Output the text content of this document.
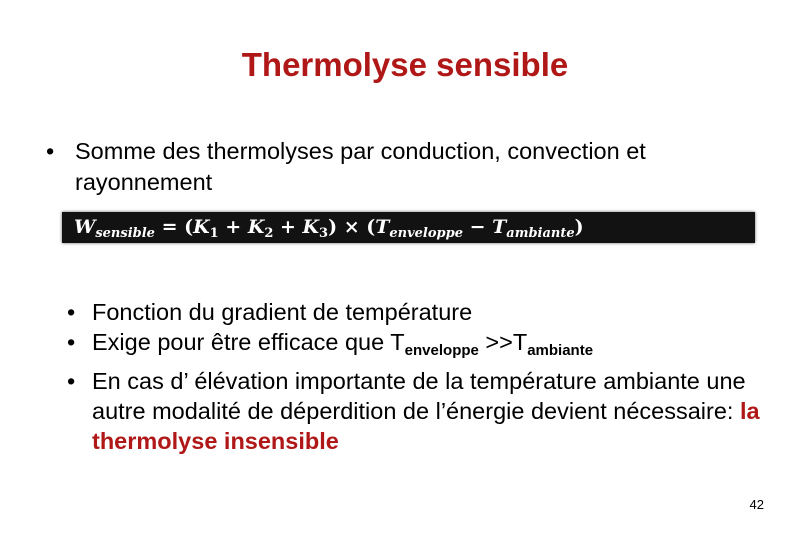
Thermolyse sensible
• Somme des thermolyses par conduction, convection et rayonnement
$W_{sensible} = (K_1 + K_2 + K_3) \times (T_{enveloppe} - T_{ambiante})$
• Fonction du gradient de température
• Exige pour être efficace que $T_{enveloppe} >>T_{ambiante}$
• En cas d’ élévation importante de la température ambiante une autre modalité de déperdition de l’énergie devient nécessaire: la thermolyse insensible
42
